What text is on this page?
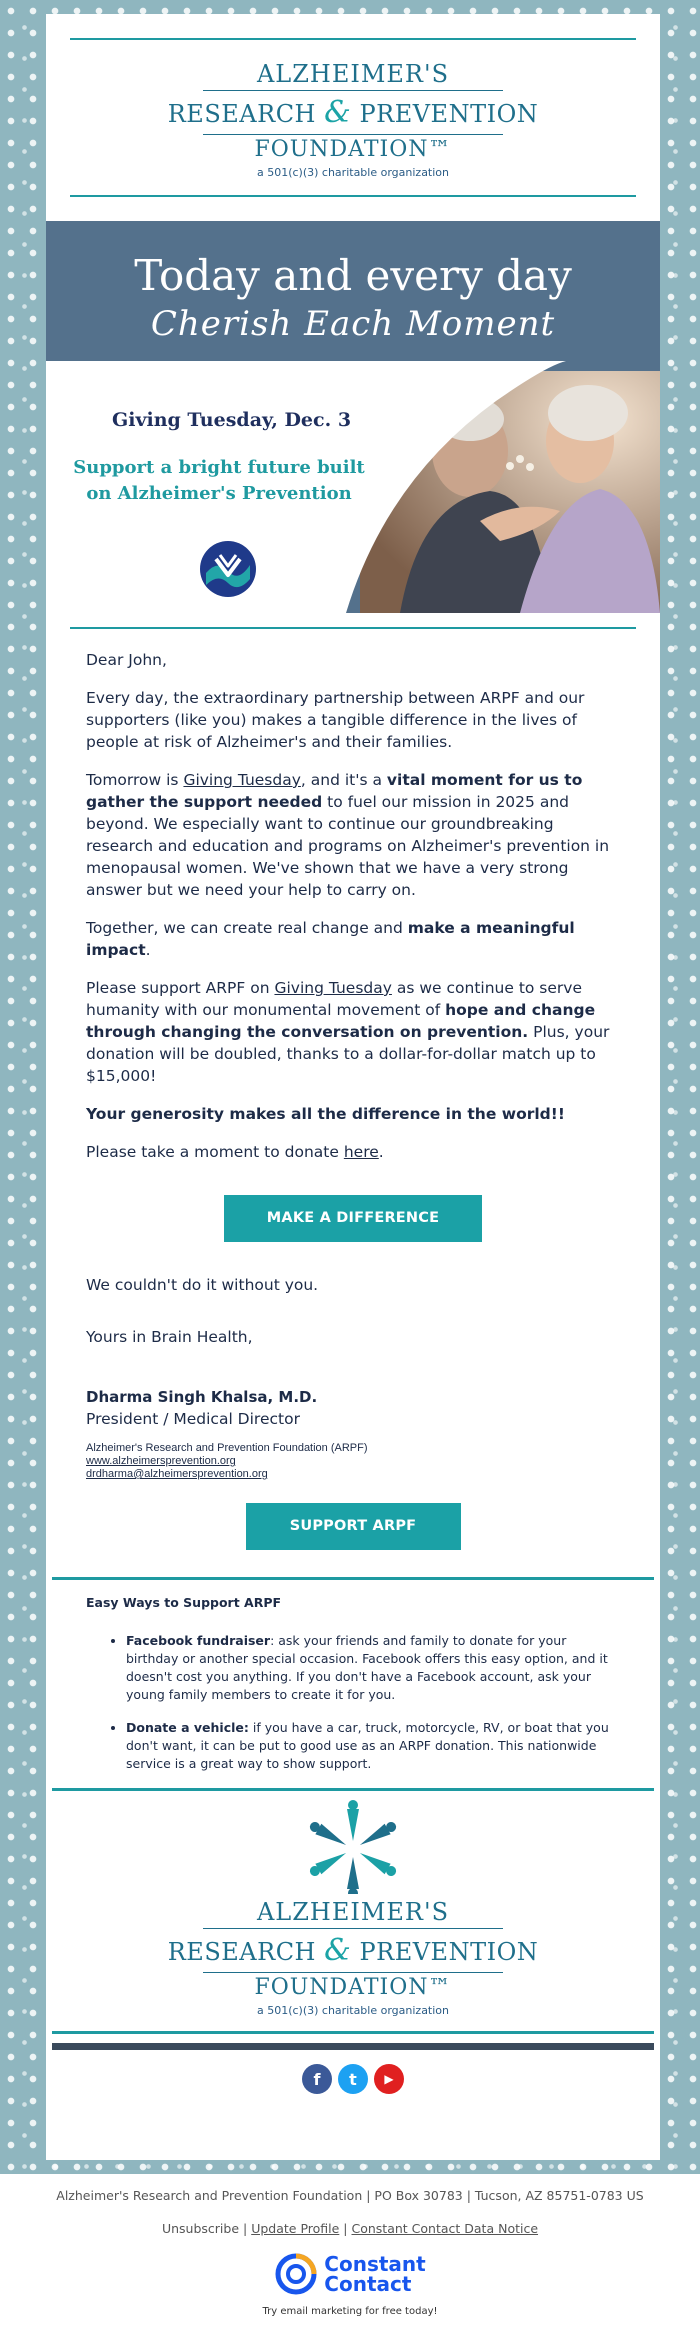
ALZHEIMER'S
RESEARCH & PREVENTION
FOUNDATION™
a 501(c)(3) charitable organization
Today and every day
Cherish Each Moment
Giving Tuesday, Dec. 3
Support a bright future built on Alzheimer's Prevention

Dear John,

Every day, the extraordinary partnership between ARPF and our supporters (like you) makes a tangible difference in the lives of people at risk of Alzheimer's and their families.

Tomorrow is Giving Tuesday, and it's a vital moment for us to gather the support needed to fuel our mission in 2025 and beyond. We especially want to continue our groundbreaking research and education and programs on Alzheimer's prevention in menopausal women. We've shown that we have a very strong answer but we need your help to carry on.

Together, we can create real change and make a meaningful impact.

Please support ARPF on Giving Tuesday as we continue to serve humanity with our monumental movement of hope and change through changing the conversation on prevention. Plus, your donation will be doubled, thanks to a dollar-for-dollar match up to $15,000!

Your generosity makes all the difference in the world!!

Please take a moment to donate here.

MAKE A DIFFERENCE

We couldn't do it without you.

Yours in Brain Health,

Dharma Singh Khalsa, M.D.
President / Medical Director
Alzheimer's Research and Prevention Foundation (ARPF)
www.alzheimersprevention.org
drdharma@alzheimersprevention.org
SUPPORT ARPF
Easy Ways to Support ARPF
• Facebook fundraiser: ask your friends and family to donate for your birthday or another special occasion. Facebook offers this easy option, and it doesn't cost you anything. If you don't have a Facebook account, ask your young family members to create it for you.
• Donate a vehicle: if you have a car, truck, motorcycle, RV, or boat that you don't want, it can be put to good use as an ARPF donation. This nationwide service is a great way to show support.
ALZHEIMER'S
RESEARCH & PREVENTION
FOUNDATION™
a 501(c)(3) charitable organization
f	t	▶
Alzheimer's Research and Prevention Foundation | PO Box 30783 | Tucson, AZ 85751-0783 US
Unsubscribe | Update Profile | Constant Contact Data Notice
Constant
Contact
Try email marketing for free today!
